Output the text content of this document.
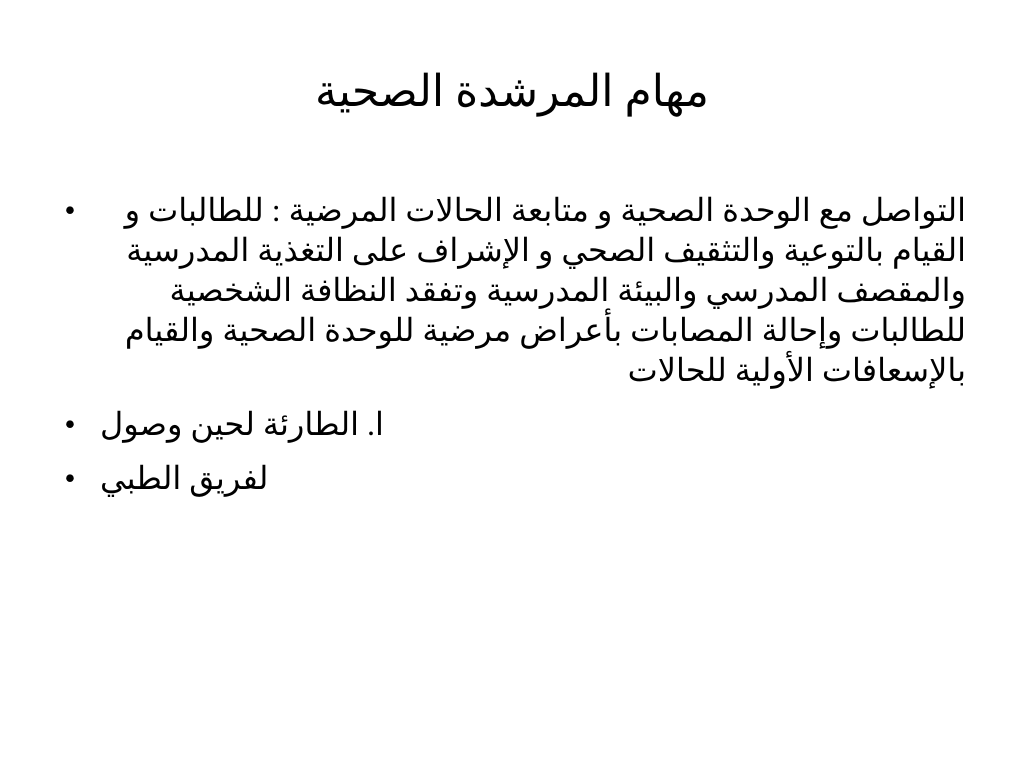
مهام المرشدة الصحية
•	التواصل مع الوحدة الصحية و متابعة الحالات المرضية : للطالبات و القيام بالتوعية والتثقيف الصحي و الإشراف على التغذية المدرسية والمقصف المدرسي والبيئة المدرسية وتفقد النظافة الشخصية للطالبات وإحالة المصابات بأعراض مرضية للوحدة الصحية والقيام بالإسعافات الأولية للحالات
• ا. الطارئة لحين وصول
• لفريق الطبي
